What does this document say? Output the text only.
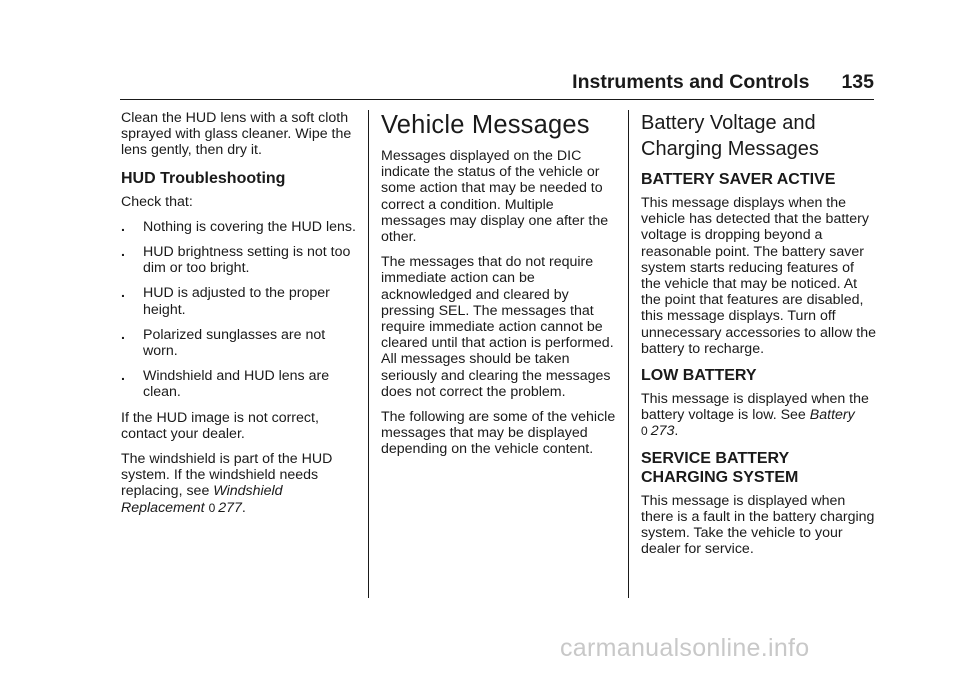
Instruments and Controls 135

Clean the HUD lens with a soft cloth sprayed with glass cleaner. Wipe the lens gently, then dry it.

HUD Troubleshooting

Check that:

. Nothing is covering the HUD lens.
. HUD brightness setting is not too dim or too bright.
. HUD is adjusted to the proper height.
. Polarized sunglasses are not worn.
. Windshield and HUD lens are clean.

If the HUD image is not correct, contact your dealer.

The windshield is part of the HUD system. If the windshield needs replacing, see Windshield Replacement 0 277.

Vehicle Messages

Messages displayed on the DIC indicate the status of the vehicle or some action that may be needed to correct a condition. Multiple messages may display one after the other.

The messages that do not require immediate action can be acknowledged and cleared by pressing SEL. The messages that require immediate action cannot be cleared until that action is performed. All messages should be taken seriously and clearing the messages does not correct the problem.

The following are some of the vehicle messages that may be displayed depending on the vehicle content.

Battery Voltage and Charging Messages
BATTERY SAVER ACTIVE

This message displays when the vehicle has detected that the battery voltage is dropping beyond a reasonable point. The battery saver system starts reducing features of the vehicle that may be noticed. At the point that features are disabled, this message displays. Turn off unnecessary accessories to allow the battery to recharge.

LOW BATTERY

This message is displayed when the battery voltage is low. See Battery
0 273.

SERVICE BATTERY CHARGING SYSTEM

This message is displayed when there is a fault in the battery charging system. Take the vehicle to your dealer for service.

carmanualsonline.info
